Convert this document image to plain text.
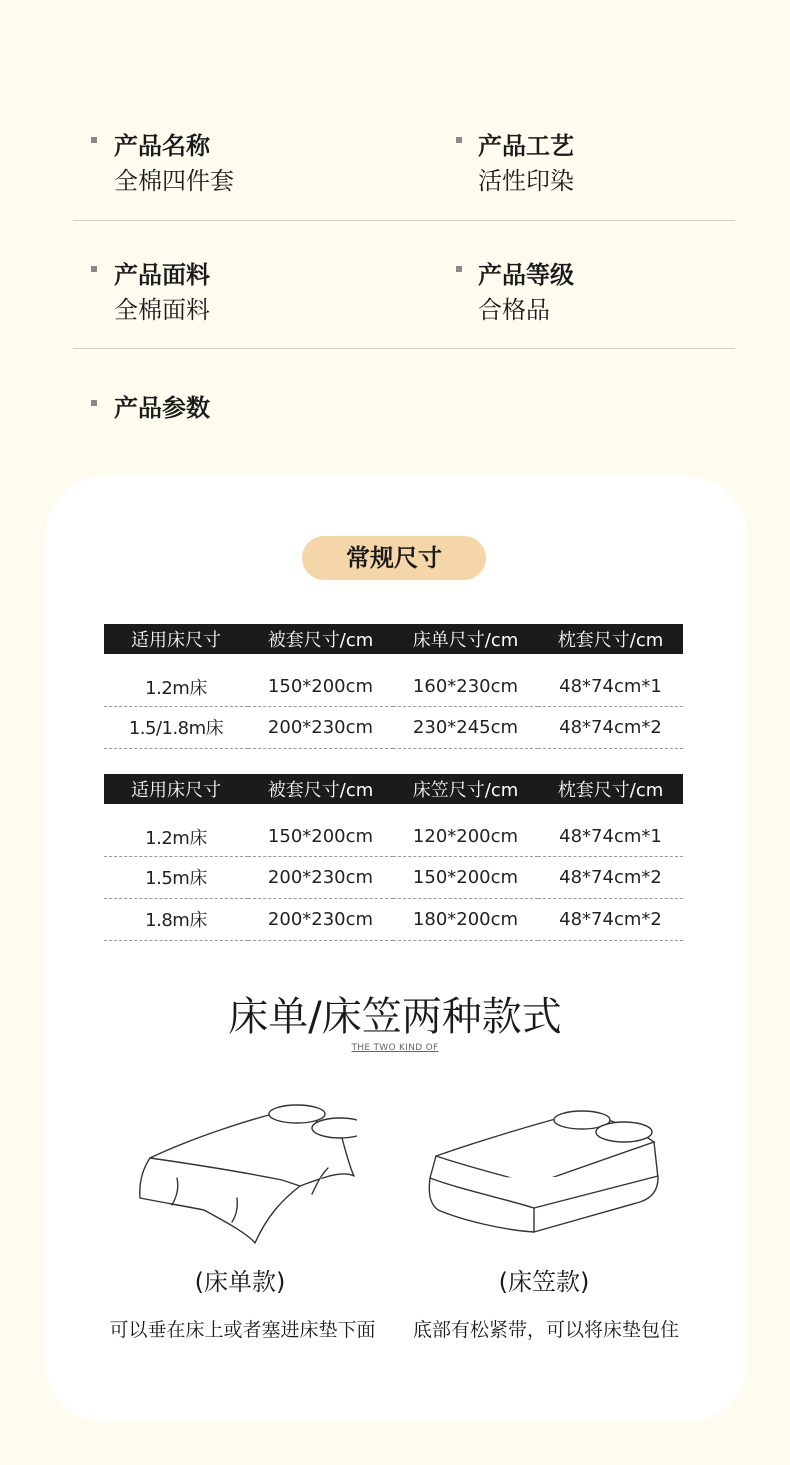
产品名称
全棉四件套
产品工艺
活性印染
产品面料
全棉面料
产品等级
合格品
产品参数
常规尺寸
适用床尺寸	被套尺寸/cm	床单尺寸/cm	枕套尺寸/cm
1.2m床	150*200cm	160*230cm	48*74cm*1
1.5/1.8m床	200*230cm	230*245cm	48*74cm*2
适用床尺寸	被套尺寸/cm	床笠尺寸/cm	枕套尺寸/cm
1.2m床	150*200cm	120*200cm	48*74cm*1
1.5m床	200*230cm	150*200cm	48*74cm*2
1.8m床	200*230cm	180*200cm	48*74cm*2
床单/床笠两种款式
THE TWO KIND OF
(床单款)	(床笠款)
可以垂在床上或者塞进床垫下面	底部有松紧带，可以将床垫包住
